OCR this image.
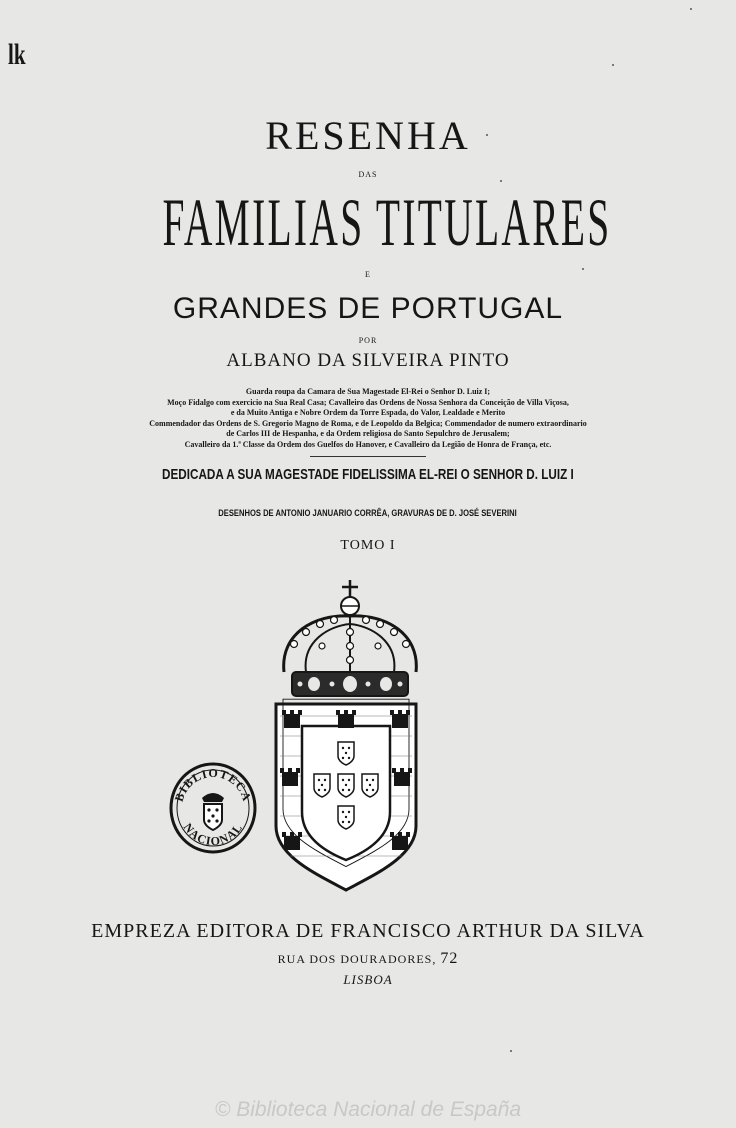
lk
RESENHA
DAS
FAMILIAS TITULARES
E
GRANDES DE PORTUGAL
POR
ALBANO DA SILVEIRA PINTO
Guarda roupa da Camara de Sua Magestade El-Rei o Senhor D. Luiz I;
Moço Fidalgo com exercicio na Sua Real Casa; Cavalleiro das Ordens de Nossa Senhora da Conceição de Villa Viçosa,
e da Muito Antiga e Nobre Ordem da Torre Espada, do Valor, Lealdade e Merito
Commendador das Ordens de S. Gregorio Magno de Roma, e de Leopoldo da Belgica; Commendador de numero extraordinario
de Carlos III de Hespanha, e da Ordem religiosa do Santo Sepulchro de Jerusalem;
Cavalleiro da 1.ª Classe da Ordem dos Guelfos do Hanover, e Cavalleiro da Legião de Honra de França, etc.
DEDICADA A SUA MAGESTADE FIDELISSIMA EL-REI O SENHOR D. LUIZ I
DESENHOS DE ANTONIO JANUARIO CORRÊA, GRAVURAS DE D. JOSÉ SEVERINI
TOMO I
BIBLIOTECA
NACIONAL
EMPREZA EDITORA DE FRANCISCO ARTHUR DA SILVA
RUA DOS DOURADORES, 72
LISBOA
© Biblioteca Nacional de España
